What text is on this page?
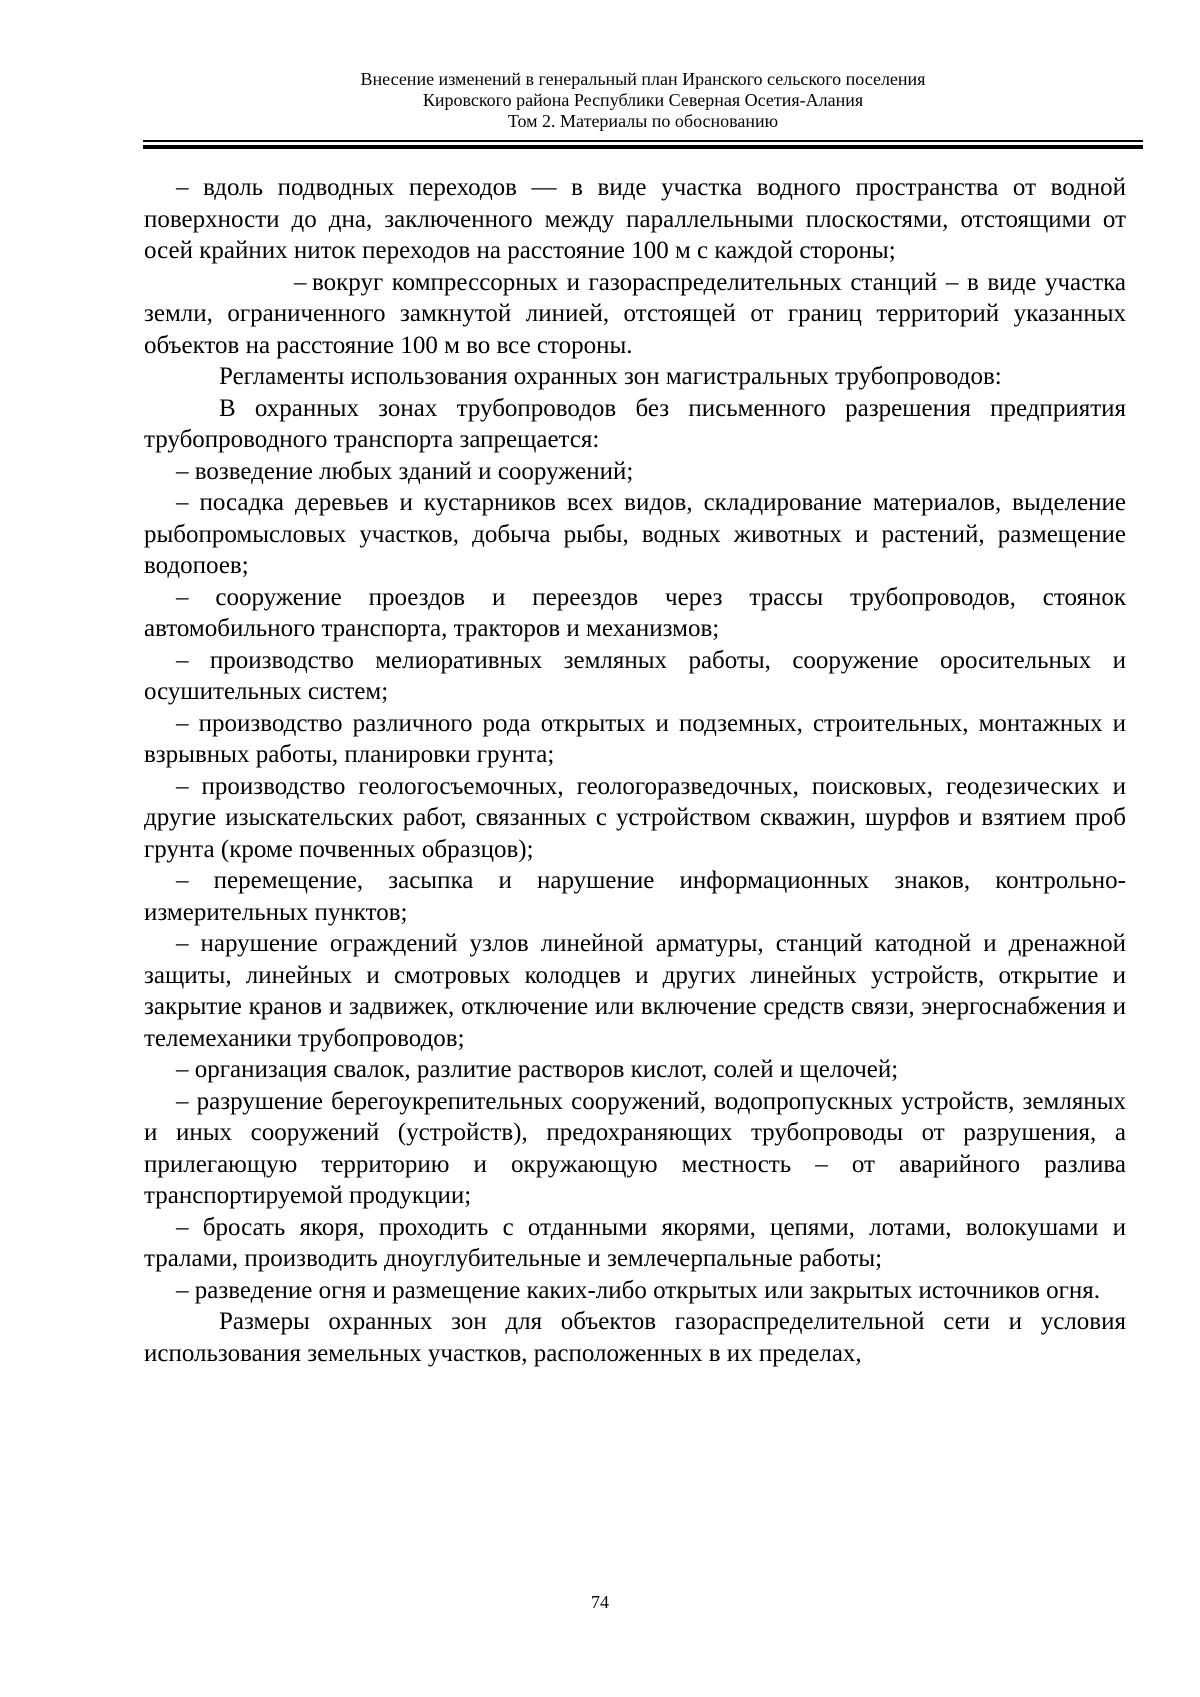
Внесение изменений в генеральный план Иранского сельского поселения
Кировского района Республики Северная Осетия-Алания
Том 2. Материалы по обоснованию

– вдоль подводных переходов — в виде участка водного пространства от водной поверхности до дна, заключенного между параллельными плоскостями, отстоящими от осей крайних ниток переходов на расстояние 100 м с каждой стороны;

– вокруг компрессорных и газораспределительных станций – в виде участка земли, ограниченного замкнутой линией, отстоящей от границ территорий указанных объектов на расстояние 100 м во все стороны.

Регламенты использования охранных зон магистральных трубопроводов:

В охранных зонах трубопроводов без письменного разрешения предприятия трубопроводного транспорта запрещается:

– возведение любых зданий и сооружений;

– посадка деревьев и кустарников всех видов, складирование материалов, выделение рыбопромысловых участков, добыча рыбы, водных животных и растений, размещение водопоев;

– сооружение проездов и переездов через трассы трубопроводов, стоянок автомобильного транспорта, тракторов и механизмов;

– производство мелиоративных земляных работы, сооружение оросительных и осушительных систем;

– производство различного рода открытых и подземных, строительных, монтажных и взрывных работы, планировки грунта;

– производство геологосъемочных, геологоразведочных, поисковых, геодезических и другие изыскательских работ, связанных с устройством скважин, шурфов и взятием проб грунта (кроме почвенных образцов);

– перемещение, засыпка и нарушение информационных знаков, контрольно-измерительных пунктов;

– нарушение ограждений узлов линейной арматуры, станций катодной и дренажной защиты, линейных и смотровых колодцев и других линейных устройств, открытие и закрытие кранов и задвижек, отключение или включение средств связи, энергоснабжения и телемеханики трубопроводов;

– организация свалок, разлитие растворов кислот, солей и щелочей;

– разрушение берегоукрепительных сооружений, водопропускных устройств, земляных и иных сооружений (устройств), предохраняющих трубопроводы от разрушения, а прилегающую территорию и окружающую местность – от аварийного разлива транспортируемой продукции;

– бросать якоря, проходить с отданными якорями, цепями, лотами, волокушами и тралами, производить дноуглубительные и землечерпальные работы;

– разведение огня и размещение каких-либо открытых или закрытых источников огня.

Размеры охранных зон для объектов газораспределительной сети и условия использования земельных участков, расположенных в их пределах,

74
